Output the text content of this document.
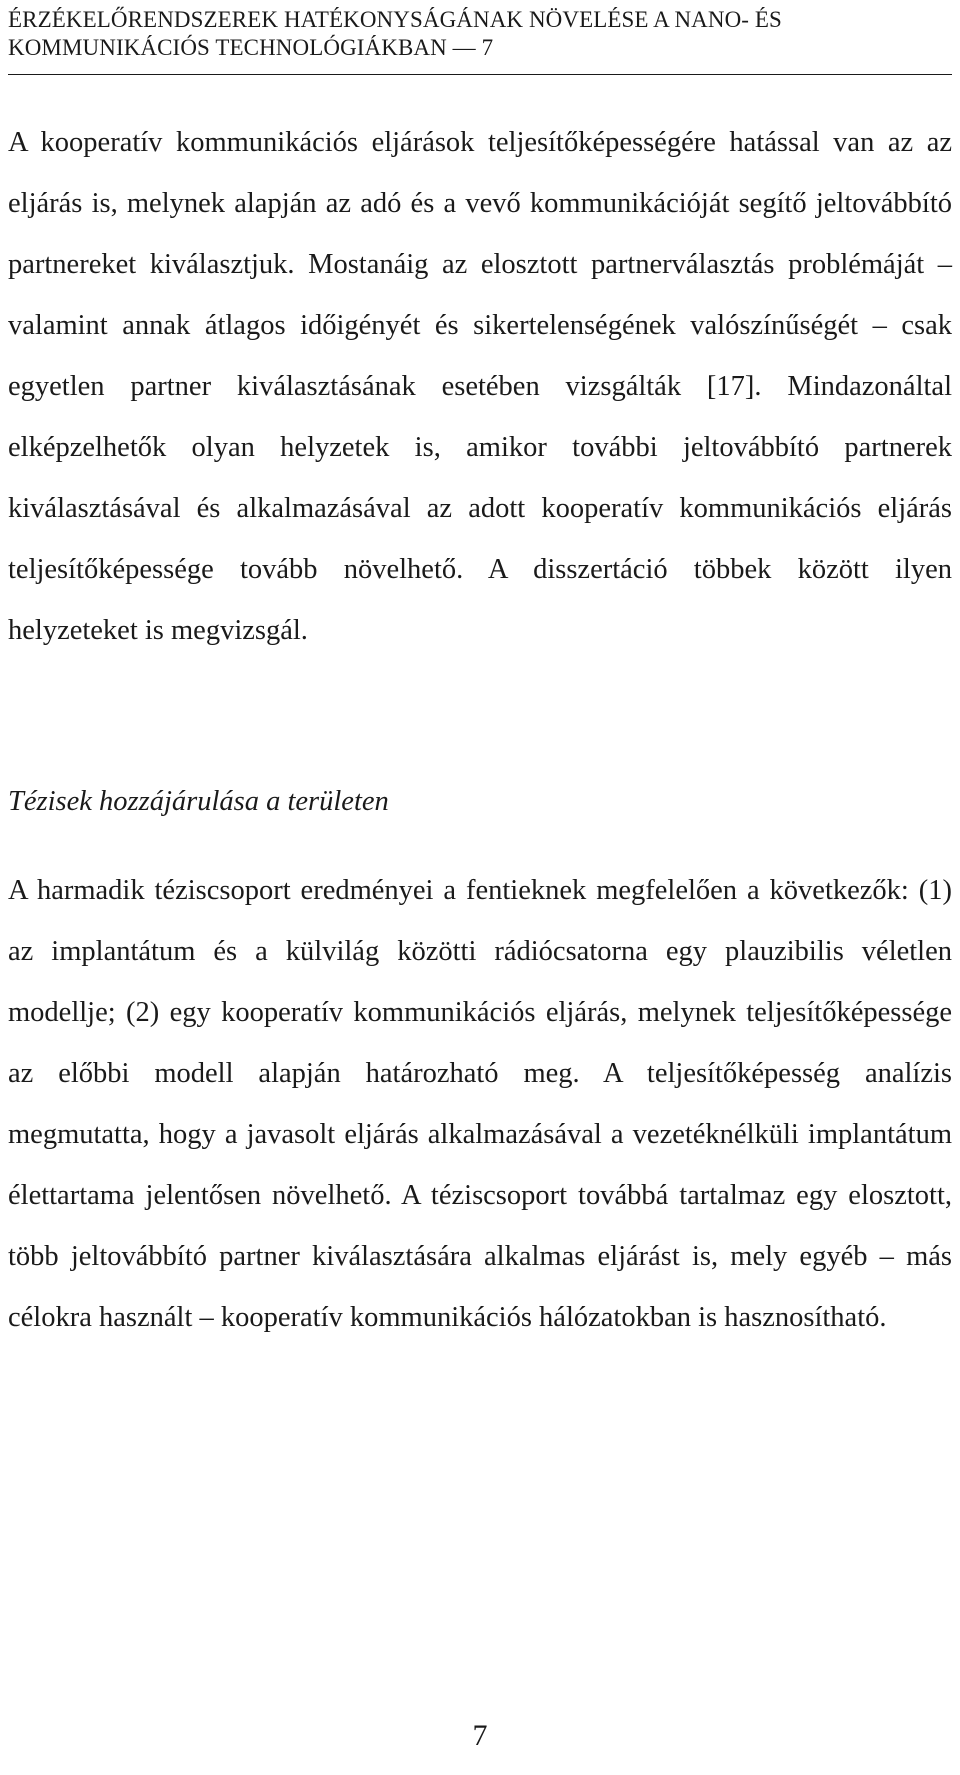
ÉRZÉKELŐRENDSZEREK HATÉKONYSÁGÁNAK NÖVELÉSE A NANO- ÉS
KOMMUNIKÁCIÓS TECHNOLÓGIÁKBAN — 7

A kooperatív kommunikációs eljárások teljesítőképességére hatással van az az eljárás is, melynek alapján az adó és a vevő kommunikációját segítő jeltovábbító partnereket kiválasztjuk. Mostanáig az elosztott partnerválasztás problémáját – valamint annak átlagos időigényét és sikertelenségének valószínűségét – csak egyetlen partner kiválasztásának esetében vizsgálták [17]. Mindazonáltal elképzelhetők olyan helyzetek is, amikor további jeltovábbító partnerek kiválasztásával és alkalmazásával az adott kooperatív kommunikációs eljárás teljesítőképessége tovább növelhető. A disszertáció többek között ilyen helyzeteket is megvizsgál.

Tézisek hozzájárulása a területen

A harmadik téziscsoport eredményei a fentieknek megfelelően a következők: (1) az implantátum és a külvilág közötti rádiócsatorna egy plauzibilis véletlen modellje; (2) egy kooperatív kommunikációs eljárás, melynek teljesítőképessége az előbbi modell alapján határozható meg. A teljesítőképesség analízis megmutatta, hogy a javasolt eljárás alkalmazásával a vezetéknélküli implantátum élettartama jelentősen növelhető. A téziscsoport továbbá tartalmaz egy elosztott, több jeltovábbító partner kiválasztására alkalmas eljárást is, mely egyéb – más célokra használt – kooperatív kommunikációs hálózatokban is hasznosítható.

7
